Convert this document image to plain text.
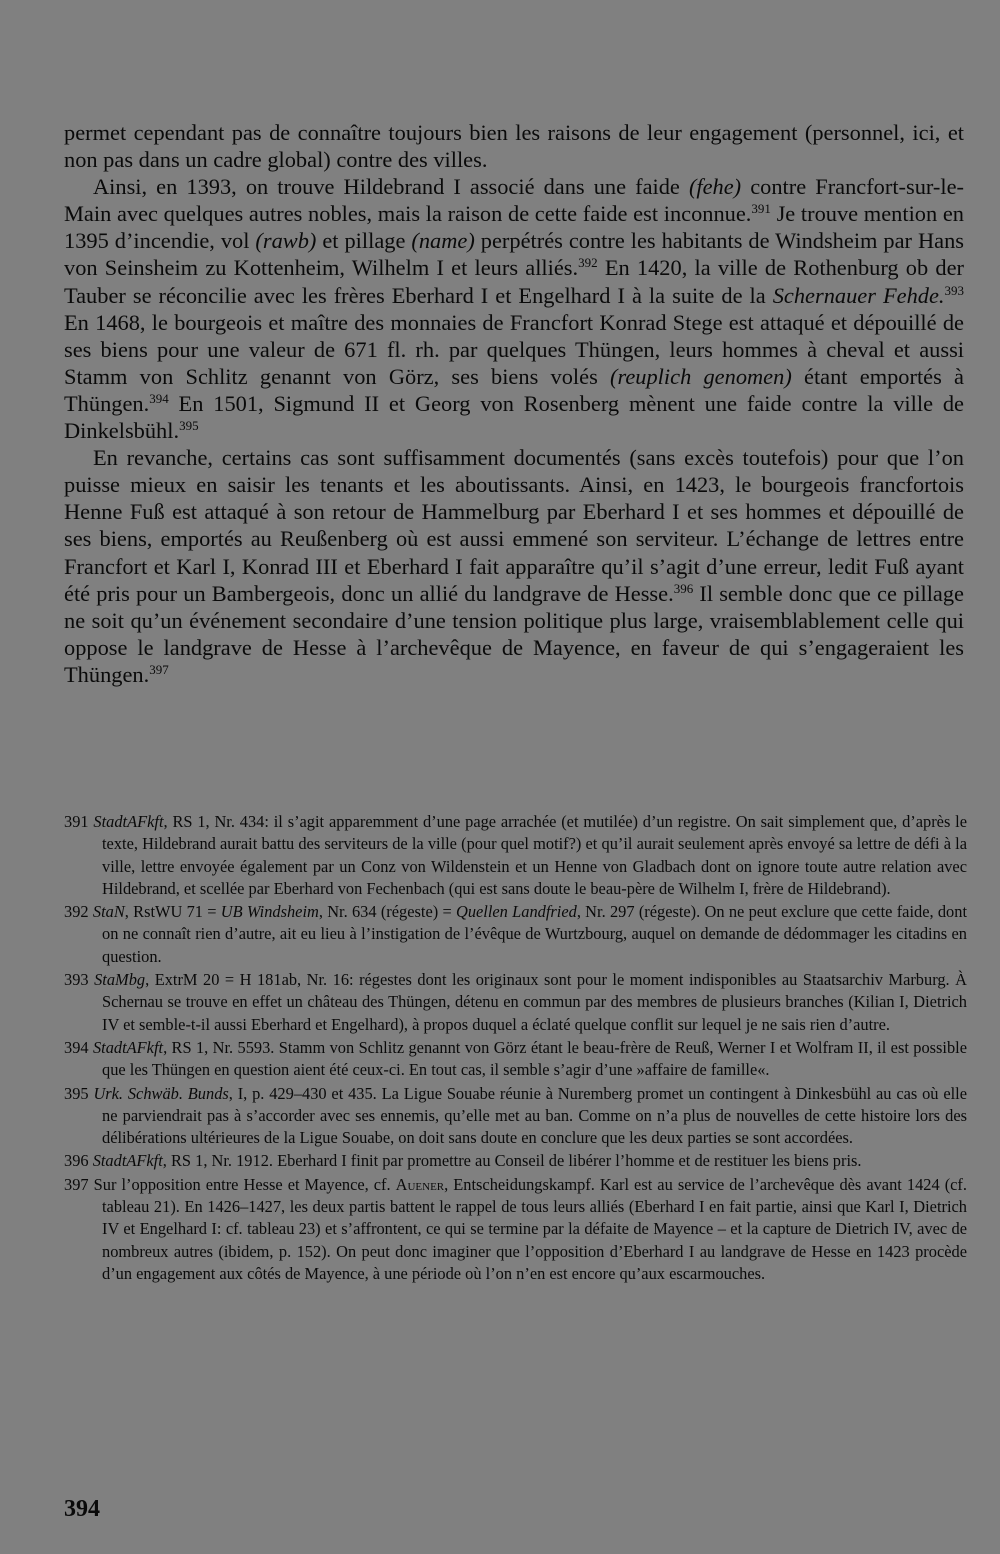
permet cependant pas de connaître toujours bien les raisons de leur engagement (personnel, ici, et non pas dans un cadre global) contre des villes.

Ainsi, en 1393, on trouve Hildebrand I associé dans une faide (fehe) contre Francfort-sur-le-Main avec quelques autres nobles, mais la raison de cette faide est inconnue.$^{391}$ Je trouve mention en 1395 d’incendie, vol (rawb) et pillage (name) perpétrés contre les habitants de Windsheim par Hans von Seinsheim zu Kottenheim, Wilhelm I et leurs alliés.$^{392}$ En 1420, la ville de Rothenburg ob der Tauber se réconcilie avec les frères Eberhard I et Engelhard I à la suite de la Schernauer Fehde.$^{393}$ En 1468, le bourgeois et maître des monnaies de Francfort Konrad Stege est attaqué et dépouillé de ses biens pour une valeur de 671 fl. rh. par quelques Thüngen, leurs hommes à cheval et aussi Stamm von Schlitz genannt von Görz, ses biens volés (reuplich genomen) étant emportés à Thüngen.$^{394}$ En 1501, Sigmund II et Georg von Rosenberg mènent une faide contre la ville de Dinkelsbühl.$^{395}$

En revanche, certains cas sont suffisamment documentés (sans excès toutefois) pour que l’on puisse mieux en saisir les tenants et les aboutissants. Ainsi, en 1423, le bourgeois francfortois Henne Fuß est attaqué à son retour de Hammelburg par Eberhard I et ses hommes et dépouillé de ses biens, emportés au Reußenberg où est aussi emmené son serviteur. L’échange de lettres entre Francfort et Karl I, Konrad III et Eberhard I fait apparaître qu’il s’agit d’une erreur, ledit Fuß ayant été pris pour un Bambergeois, donc un allié du landgrave de Hesse.$^{396}$ Il semble donc que ce pillage ne soit qu’un événement secondaire d’une tension politique plus large, vraisemblablement celle qui oppose le landgrave de Hesse à l’archevêque de Mayence, en faveur de qui s’engageraient les Thüngen.$^{397}$

391 StadtAFkft, RS 1, Nr. 434: il s’agit apparemment d’une page arrachée (et mutilée) d’un registre. On sait simplement que, d’après le texte, Hildebrand aurait battu des serviteurs de la ville (pour quel motif?) et qu’il aurait seulement après envoyé sa lettre de défi à la ville, lettre envoyée également par un Conz von Wildenstein et un Henne von Gladbach dont on ignore toute autre relation avec Hildebrand, et scellée par Eberhard von Fechenbach (qui est sans doute le beau-père de Wilhelm I, frère de Hildebrand).
392 StaN, RstWU 71 = UB Windsheim, Nr. 634 (régeste) = Quellen Landfried, Nr. 297 (régeste). On ne peut exclure que cette faide, dont on ne connaît rien d’autre, ait eu lieu à l’instigation de l’évêque de Wurtzbourg, auquel on demande de dédommager les citadins en question.
393 StaMbg, ExtrM 20 = H 181ab, Nr. 16: régestes dont les originaux sont pour le moment indisponibles au Staatsarchiv Marburg. À Schernau se trouve en effet un château des Thüngen, détenu en commun par des membres de plusieurs branches (Kilian I, Dietrich IV et semble-t-il aussi Eberhard et Engelhard), à propos duquel a éclaté quelque conflit sur lequel je ne sais rien d’autre.
394 StadtAFkft, RS 1, Nr. 5593. Stamm von Schlitz genannt von Görz étant le beau-frère de Reuß, Werner I et Wolfram II, il est possible que les Thüngen en question aient été ceux-ci. En tout cas, il semble s’agir d’une »affaire de famille«.
395 Urk. Schwäb. Bunds, I, p. 429–430 et 435. La Ligue Souabe réunie à Nuremberg promet un contingent à Dinkesbühl au cas où elle ne parviendrait pas à s’accorder avec ses ennemis, qu’elle met au ban. Comme on n’a plus de nouvelles de cette histoire lors des délibérations ultérieures de la Ligue Souabe, on doit sans doute en conclure que les deux parties se sont accordées.
396 StadtAFkft, RS 1, Nr. 1912. Eberhard I finit par promettre au Conseil de libérer l’homme et de restituer les biens pris.
397 Sur l’opposition entre Hesse et Mayence, cf. Auener, Entscheidungskampf. Karl est au service de l’archevêque dès avant 1424 (cf. tableau 21). En 1426–1427, les deux partis battent le rappel de tous leurs alliés (Eberhard I en fait partie, ainsi que Karl I, Dietrich IV et Engelhard I: cf. tableau 23) et s’affrontent, ce qui se termine par la défaite de Mayence – et la capture de Dietrich IV, avec de nombreux autres (ibidem, p. 152). On peut donc imaginer que l’opposition d’Eberhard I au landgrave de Hesse en 1423 procède d’un engagement aux côtés de Mayence, à une période où l’on n’en est encore qu’aux escarmouches.
394
